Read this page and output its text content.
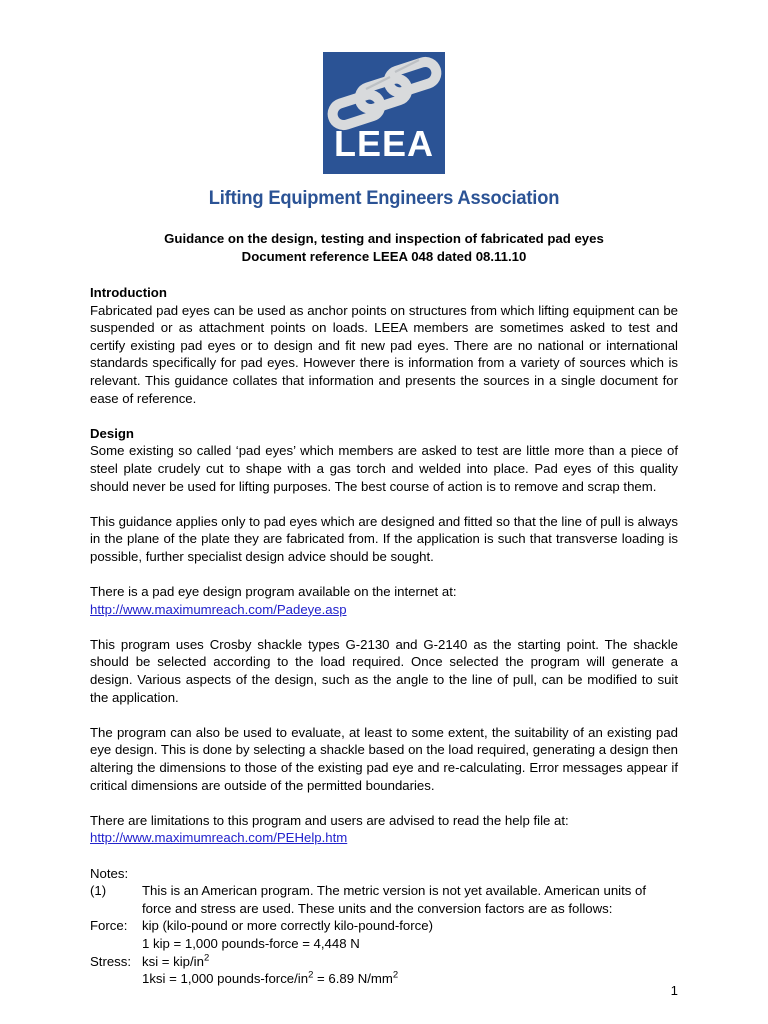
LEEA
Lifting Equipment Engineers Association
Guidance on the design, testing and inspection of fabricated pad eyes
Document reference LEEA 048 dated 08.11.10
Introduction

Fabricated pad eyes can be used as anchor points on structures from which lifting equipment can be suspended or as attachment points on loads. LEEA members are sometimes asked to test and certify existing pad eyes or to design and fit new pad eyes. There are no national or international standards specifically for pad eyes. However there is information from a variety of sources which is relevant. This guidance collates that information and presents the sources in a single document for ease of reference.

Design

Some existing so called ‘pad eyes’ which members are asked to test are little more than a piece of steel plate crudely cut to shape with a gas torch and welded into place. Pad eyes of this quality should never be used for lifting purposes. The best course of action is to remove and scrap them.

This guidance applies only to pad eyes which are designed and fitted so that the line of pull is always in the plane of the plate they are fabricated from. If the application is such that transverse loading is possible, further specialist design advice should be sought.

There is a pad eye design program available on the internet at:

http://www.maximumreach.com/Padeye.asp

This program uses Crosby shackle types G-2130 and G-2140 as the starting point. The shackle should be selected according to the load required. Once selected the program will generate a design. Various aspects of the design, such as the angle to the line of pull, can be modified to suit the application.

The program can also be used to evaluate, at least to some extent, the suitability of an existing pad eye design. This is done by selecting a shackle based on the load required, generating a design then altering the dimensions to those of the existing pad eye and re-calculating. Error messages appear if critical dimensions are outside of the permitted boundaries.

There are limitations to this program and users are advised to read the help file at:

http://www.maximumreach.com/PEHelp.htm

Notes:

(1)	This is an American program. The metric version is not yet available. American units of force and stress are used. These units and the conversion factors are as follows:
Force:	kip (kilo-pound or more correctly kilo-pound-force)
1 kip = 1,000 pounds-force = 4,448 N
Stress: ksi = kip/$in^2$
1ksi = 1,000 pounds-$force/in^2 = 6.89$ $N/mm^2$
1
